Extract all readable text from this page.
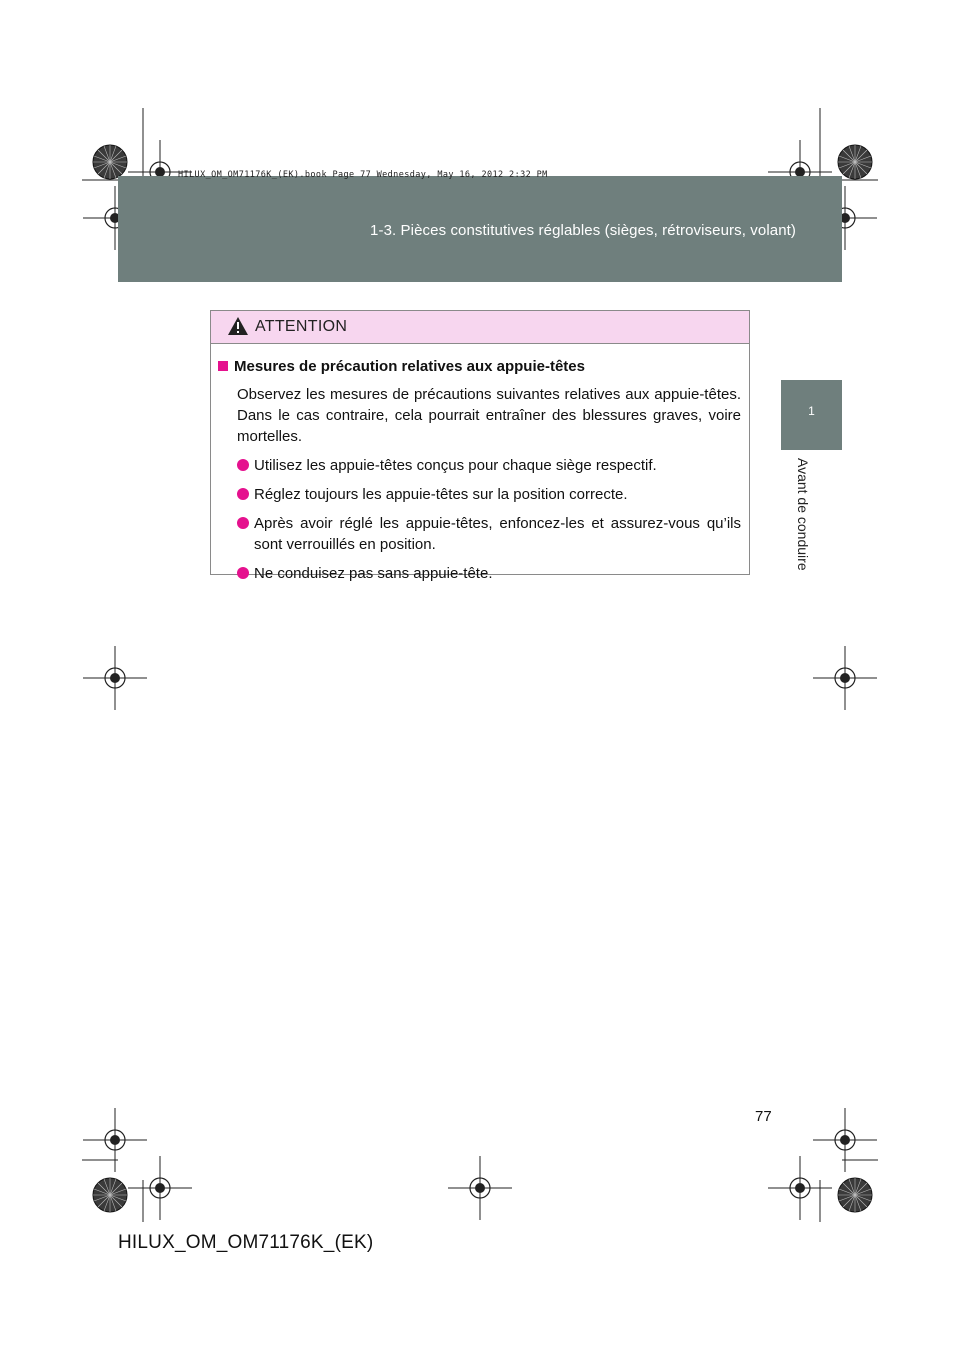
1-3. Pièces constitutives réglables (sièges, rétroviseurs, volant)
HILUX_OM_OM71176K_(EK).book Page 77 Wednesday, May 16, 2012 2:32 PM
1
Avant de conduire
ATTENTION
Mesures de précaution relatives aux appuie-têtes
Observez les mesures de précautions suivantes relatives aux appuie-têtes. Dans le cas contraire, cela pourrait entraîner des blessures graves, voire mortelles.
Utilisez les appuie-têtes conçus pour chaque siège respectif.
Réglez toujours les appuie-têtes sur la position correcte.
Après avoir réglé les appuie-têtes, enfoncez-les et assurez-vous qu’ils sont verrouillés en position.
Ne conduisez pas sans appuie-tête.
77
HILUX_OM_OM71176K_(EK)
